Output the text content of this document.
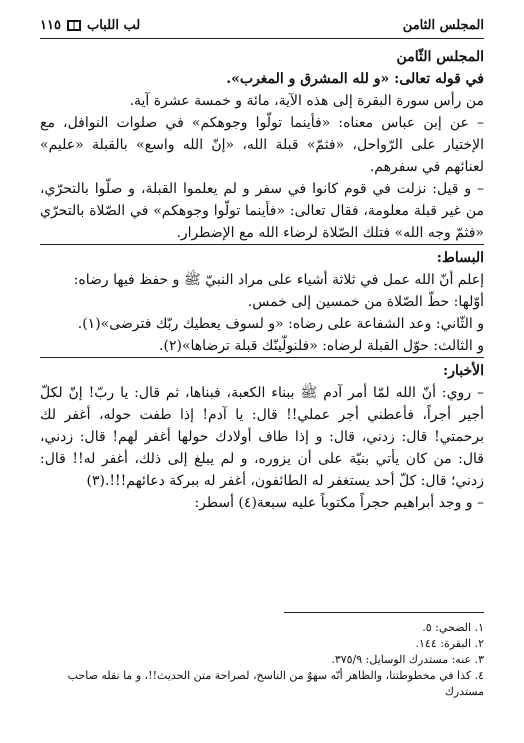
المجلس الثامن
لب اللباب
١١٥

المجلس الثّامن

في قوله تعالى: «و لله المشرق و المغرب».

من رأس سورة البقرة إلى هذه الآية، مائة و خمسة عشرة آية.

– عن إبن عباس معناه: «فأينما تولّوا وجوهكم» في صلوات النوافل، مع الإختيار على الرّواحل، «فثمّ» قبلة الله، «إنّ الله واسع» بالقبلة «عليم» لعنائهم في سفرهم.

– و قيل: نزلت في قوم كانوا في سفر و لم يعلموا القبلة، و صلّوا بالتحرّي، من غير قبلة معلومة، فقال تعالى: «فأينما تولّوا وجوهكم» في الصّلاة بالتحرّي «فثمّ وجه الله» فتلك الصّلاة لرضاء الله مع الإضطرار.

البساط:

إعلم أنّ الله عمل في ثلاثة أشياء على مراد النبيّ ﷺ و حفظ فيها رضاه:

أوّلها: حطّ الصّلاة من خمسين إلى خمس.

و الثّاني: وعد الشفاعة على رضاه: «و لسوف يعطيك ربّك فترضى»(١).

و الثالث: حوّل القبلة لرضاه: «فلنولّينّك قبلة ترضاها»(٢).

الأخبار:

– روي: أنّ الله لمّا أمر آدم ﷺ ببناء الكعبة، فبناها، ثم قال: يا ربّ! إنّ لكلّ أجير أجراً، فأعطني أجر عملي!! قال: يا آدم! إذا طفت حوله، أغفر لك برحمتي! قال: زدني، قال: و إذا طاف أولادك حولها أغفر لهم! قال: زدني، قال: من كان يأتي بنيّة على أن يزوره، و لم يبلغ إلى ذلك، أغفر له!! قال: زدني؛ قال: كلّ أحد يستغفر له الطائفون، أغفر له ببركة دعائهم!!!.(٣)

– و وجد أبراهيم حجراً مكتوباً عليه سبعة(٤) أسطر:

١. الضحي: ٥.

٢. البقرة: ١٤٤.

٣. عنه: مستدرك الوسايل: ٣٧٥/٩.

٤. كذا في مخطوطتنا، والظاهر أنّه سهوٌ من الناسخ، لصراحة متن الحديث!!، و ما نقله صاحب مستدرك
